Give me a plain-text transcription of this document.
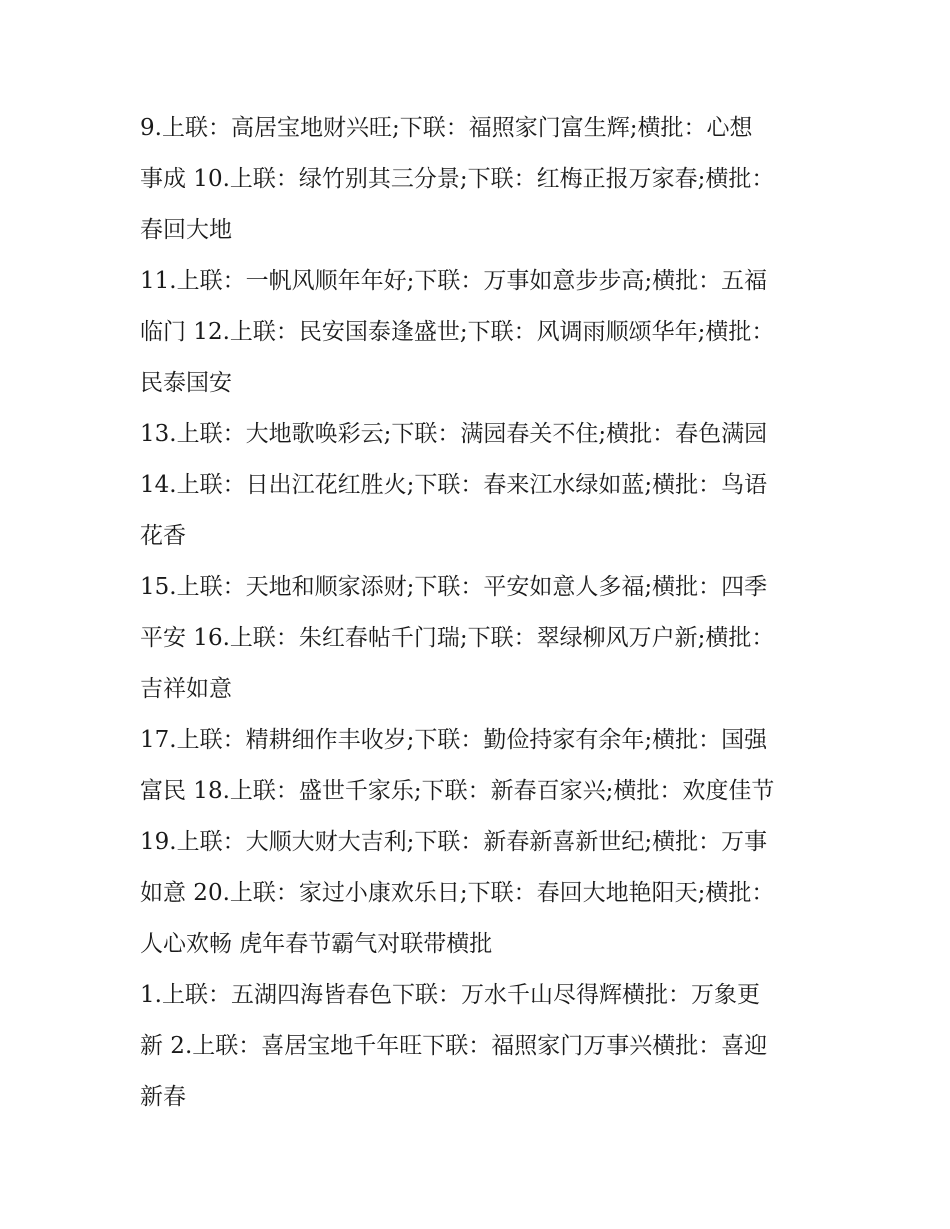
9.上联：高居宝地财兴旺;下联：福照家门富生辉;横批：心想
事成 10.上联：绿竹别其三分景;下联：红梅正报万家春;横批：
春回大地
11.上联：一帆风顺年年好;下联：万事如意步步高;横批：五福
临门 12.上联：民安国泰逢盛世;下联：风调雨顺颂华年;横批：
民泰国安
13.上联：大地歌唤彩云;下联：满园春关不住;横批：春色满园
14.上联：日出江花红胜火;下联：春来江水绿如蓝;横批：鸟语
花香
15.上联：天地和顺家添财;下联：平安如意人多福;横批：四季
平安 16.上联：朱红春帖千门瑞;下联：翠绿柳风万户新;横批：
吉祥如意
17.上联：精耕细作丰收岁;下联：勤俭持家有余年;横批：国强
富民 18.上联：盛世千家乐;下联：新春百家兴;横批：欢度佳节
19.上联：大顺大财大吉利;下联：新春新喜新世纪;横批：万事
如意 20.上联：家过小康欢乐日;下联：春回大地艳阳天;横批：
人心欢畅 虎年春节霸气对联带横批
1.上联：五湖四海皆春色下联：万水千山尽得辉横批：万象更
新 2.上联：喜居宝地千年旺下联：福照家门万事兴横批：喜迎
新春
